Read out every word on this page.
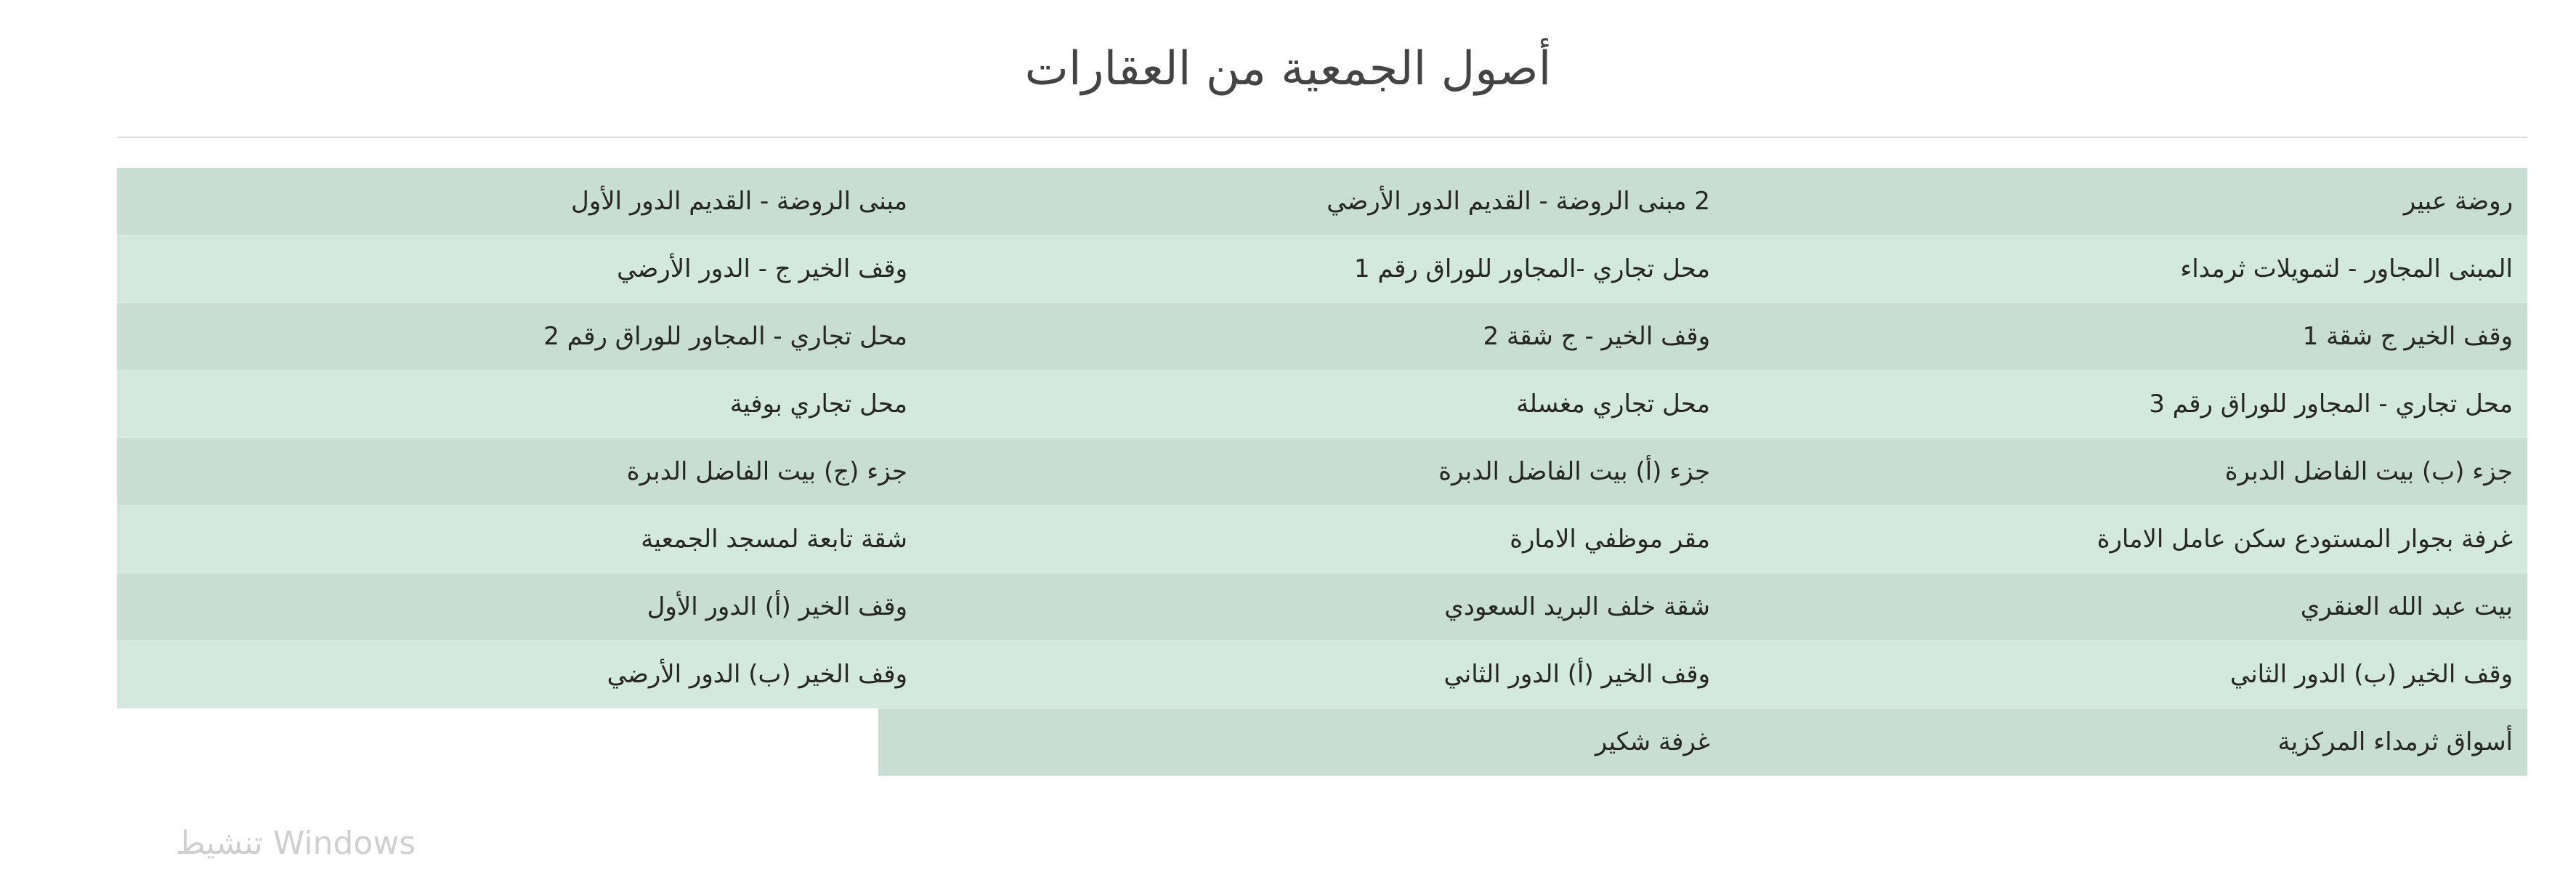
أصول الجمعية من العقارات
روضة عبير
2 مبنى الروضة - القديم الدور الأرضي
مبنى الروضة - القديم الدور الأول
المبنى المجاور - لتمويلات ثرمداء
محل تجاري -المجاور للوراق رقم 1
وقف الخير ج - الدور الأرضي
وقف الخير ج شقة 1
وقف الخير - ج شقة 2
محل تجاري - المجاور للوراق رقم 2
محل تجاري - المجاور للوراق رقم 3
محل تجاري مغسلة
محل تجاري بوفية
جزء (ب) بيت الفاضل الدبرة
جزء (أ) بيت الفاضل الدبرة
جزء (ج) بيت الفاضل الدبرة
غرفة بجوار المستودع سكن عامل الامارة
مقر موظفي الامارة
شقة تابعة لمسجد الجمعية
بيت عبد الله العنقري
شقة خلف البريد السعودي
وقف الخير (أ) الدور الأول
وقف الخير (ب) الدور الثاني
وقف الخير (أ) الدور الثاني
وقف الخير (ب) الدور الأرضي
أسواق ثرمداء المركزية
غرفة شكير
تنشيط Windows
